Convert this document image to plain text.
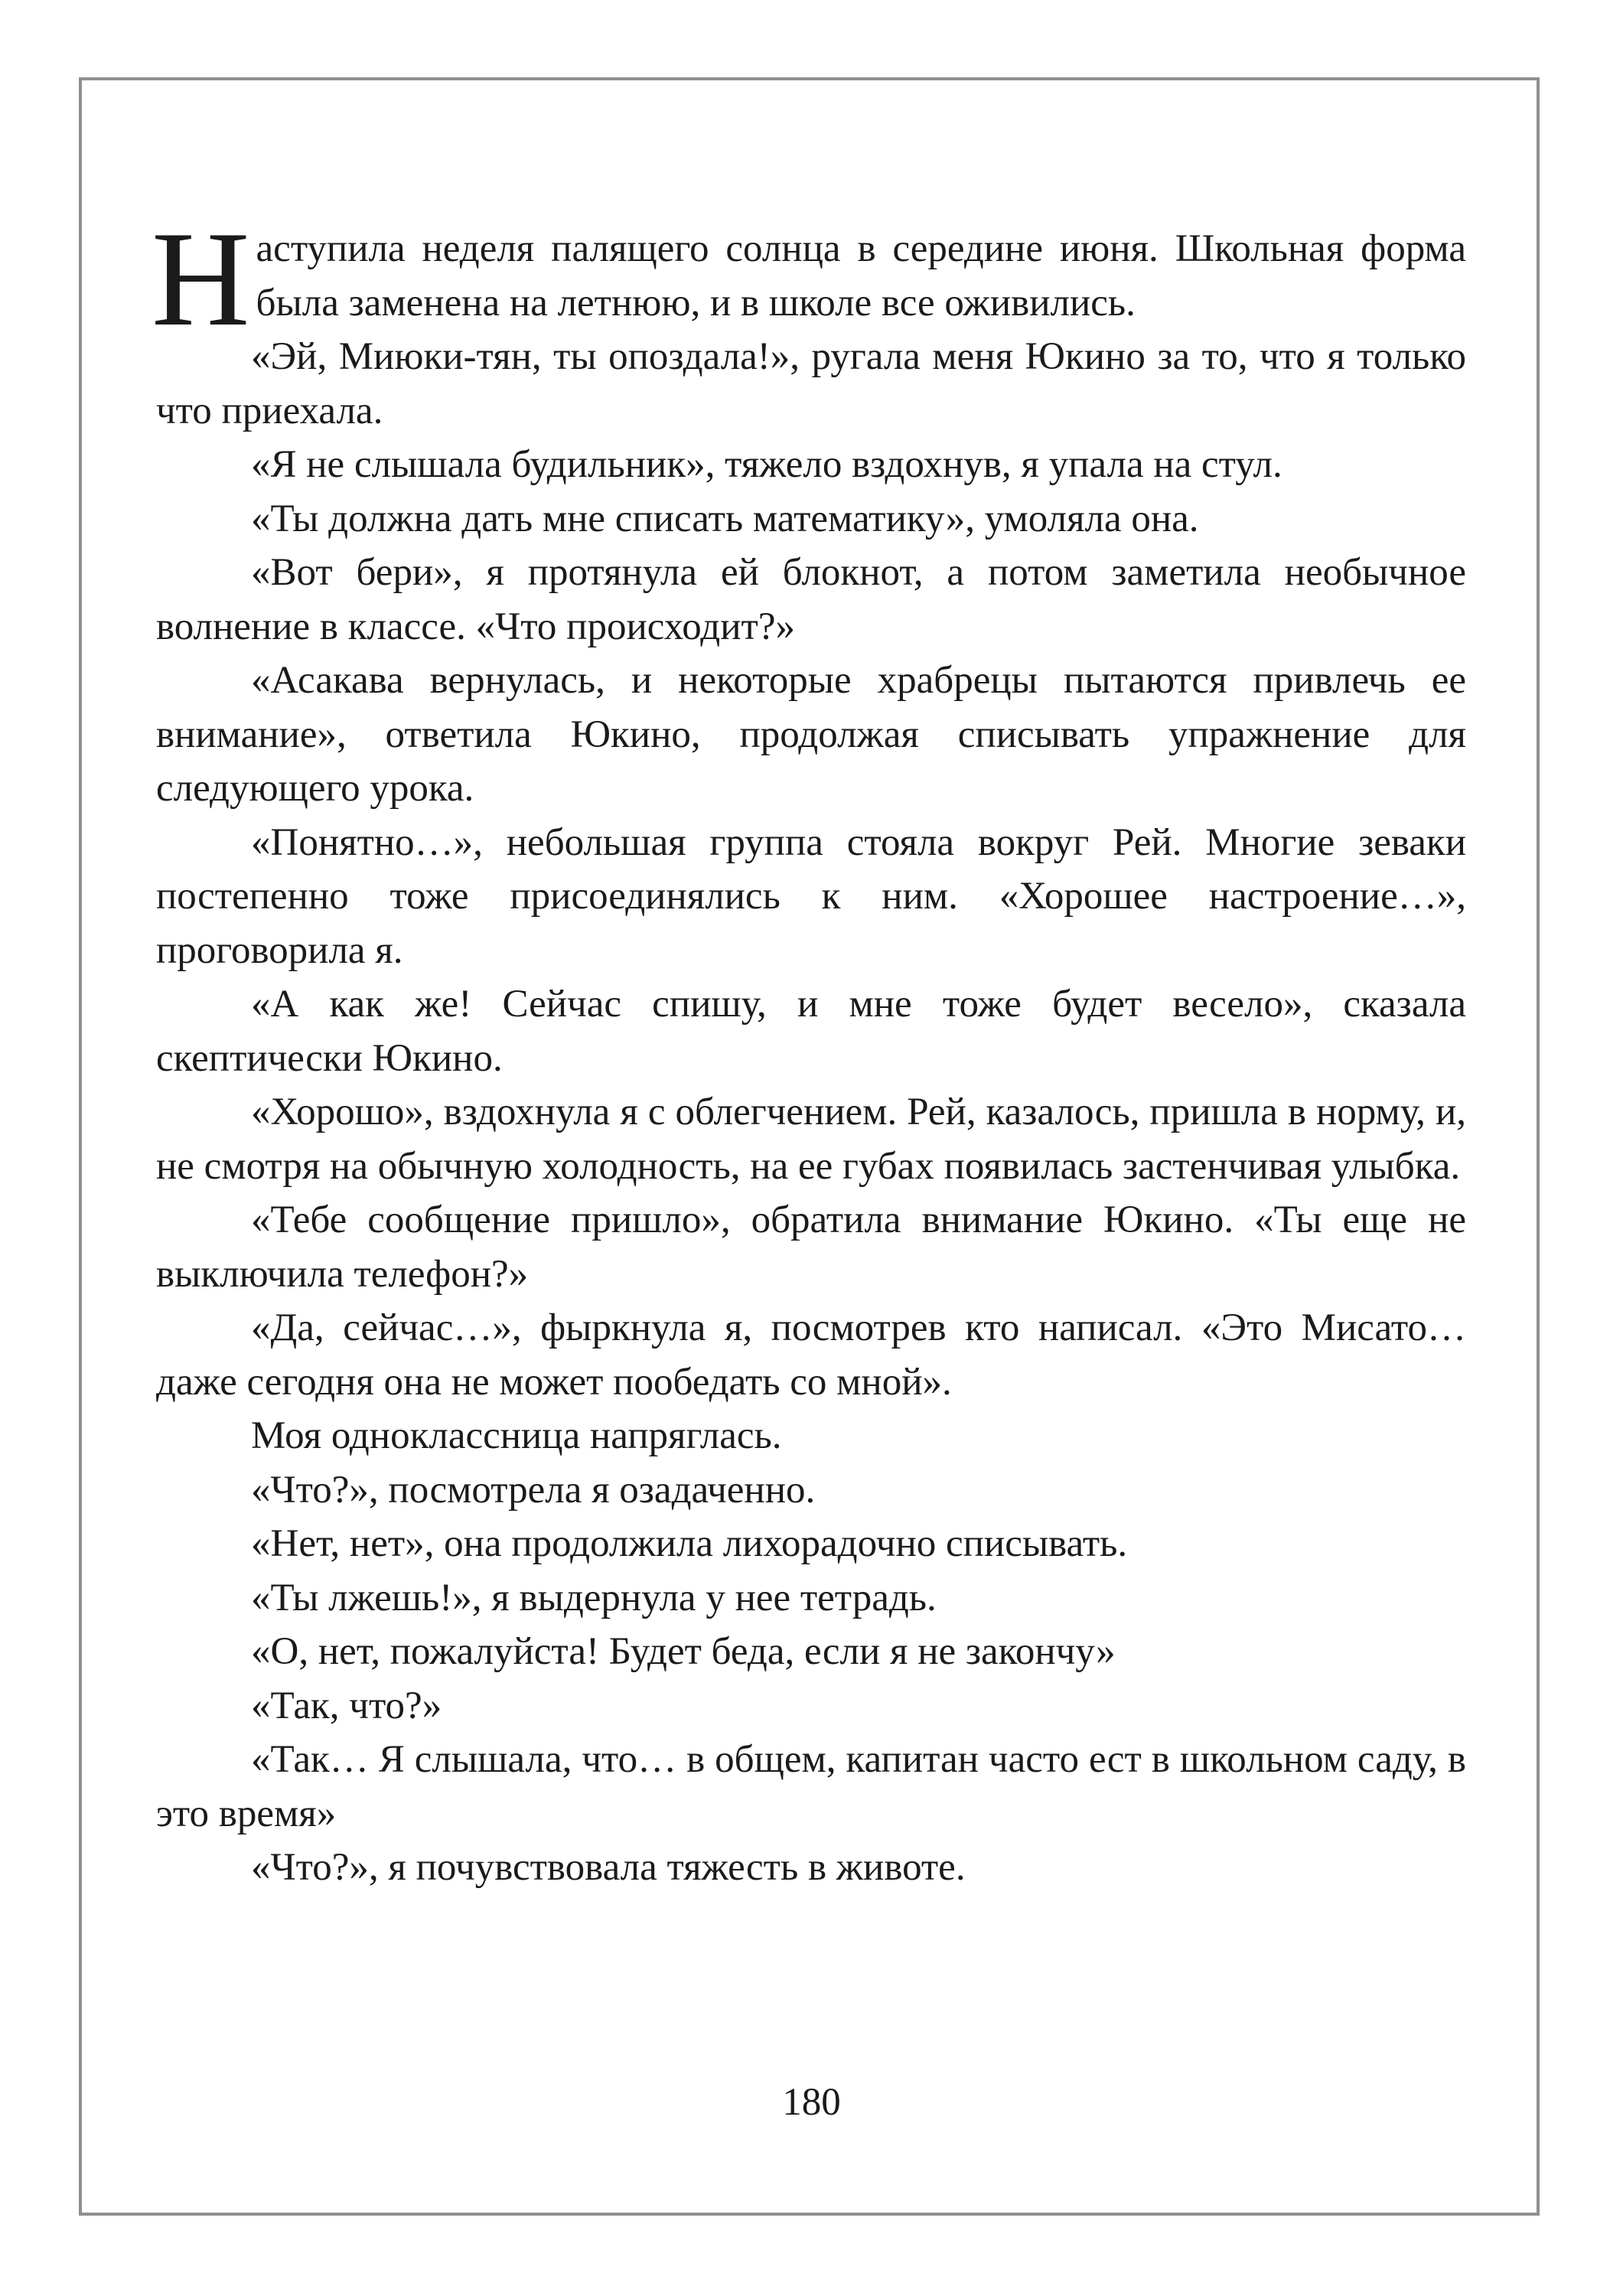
Наступила неделя палящего солнца в середине июня. Школьная форма была заменена на летнюю, и в школе все оживились.

«Эй, Миюки-тян, ты опоздала!», ругала меня Юкино за то, что я только что приехала.

«Я не слышала будильник», тяжело вздохнув, я упала на стул.

«Ты должна дать мне списать математику», умоляла она.

«Вот бери», я протянула ей блокнот, а потом заметила необычное волнение в классе. «Что происходит?»

«Асакава вернулась, и некоторые храбрецы пытаются привлечь ее внимание», ответила Юкино, продолжая списывать упражнение для следующего урока.

«Понятно…», небольшая группа стояла вокруг Рей. Многие зеваки постепенно тоже присоединялись к ним. «Хорошее настроение…», проговорила я.

«А как же! Сейчас спишу, и мне тоже будет весело», сказала скептически Юкино.

«Хорошо», вздохнула я с облегчением. Рей, казалось, пришла в норму, и, не смотря на обычную холодность, на ее губах появилась застенчивая улыбка.

«Тебе сообщение пришло», обратила внимание Юкино. «Ты еще не выключила телефон?»

«Да, сейчас…», фыркнула я, посмотрев кто написал. «Это Мисато… даже сегодня она не может пообедать со мной».

Моя одноклассница напряглась.

«Что?», посмотрела я озадаченно.

«Нет, нет», она продолжила лихорадочно списывать.

«Ты лжешь!», я выдернула у нее тетрадь.

«О, нет, пожалуйста! Будет беда, если я не закончу»

«Так, что?»

«Так… Я слышала, что… в общем, капитан часто ест в школьном саду, в это время»

«Что?», я почувствовала тяжесть в животе.

180
